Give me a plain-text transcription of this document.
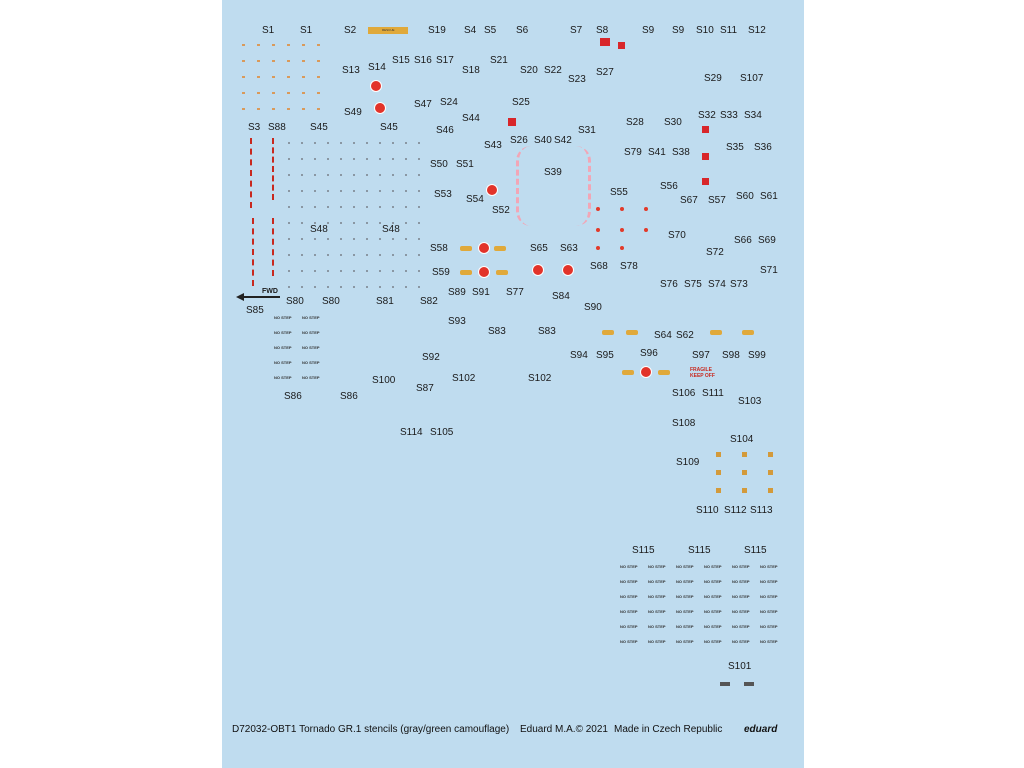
S1	S1	S2	RESCUE	S19 S4 S5 S6	S7 S8	S9 S9 S10 S11 S12
S13 S14
S15 S16 S17
S18
S21
S20 S22
S23
S27
S29 S107
S47 S24	S25
S49
S44
S3 S88 S45	S45	S46
S28 S30
S32 S33 S34
S31
S26 S40 S42
S43
S79 S41 S38	S35 S36
S50 S51
S39
S53 S54
S55
S56
S67 S57 S60 S61
S52
S48	S48
S70	S66 S69
S58	S65 S63	S72
S68 S78	S71
S59
S76 S75 S74 S73
FWD	S89 S91 S77	S84
S80 S80	S81	S82
S90
S85
NO STEP	NO STEP
NO STEP	NO STEP
NO STEP	NO STEP
NO STEP	NO STEP
NO STEP	NO STEP
S93
S83	S83	S64 S62
S92	S94 S95	S96	S97 S98 S99
FRAGILE
KEEP OFF
S100
S87
S102	S102
S106 S111
S103
S86	S86
S114 S105
S108
S104
S109
S110 S112 S113
S115	S115	S115
NO STEP	NO STEP	NO STEP	NO STEP	NO STEP	NO STEP
NO STEP	NO STEP	NO STEP	NO STEP	NO STEP	NO STEP
NO STEP	NO STEP	NO STEP	NO STEP	NO STEP	NO STEP
NO STEP	NO STEP	NO STEP	NO STEP	NO STEP	NO STEP
NO STEP	NO STEP	NO STEP	NO STEP	NO STEP	NO STEP
NO STEP	NO STEP	NO STEP	NO STEP	NO STEP	NO STEP
S101
D72032-OBT1 Tornado GR.1 stencils (gray/green camouflage) Eduard M.A.© 2021 Made in Czech Republic eduard
